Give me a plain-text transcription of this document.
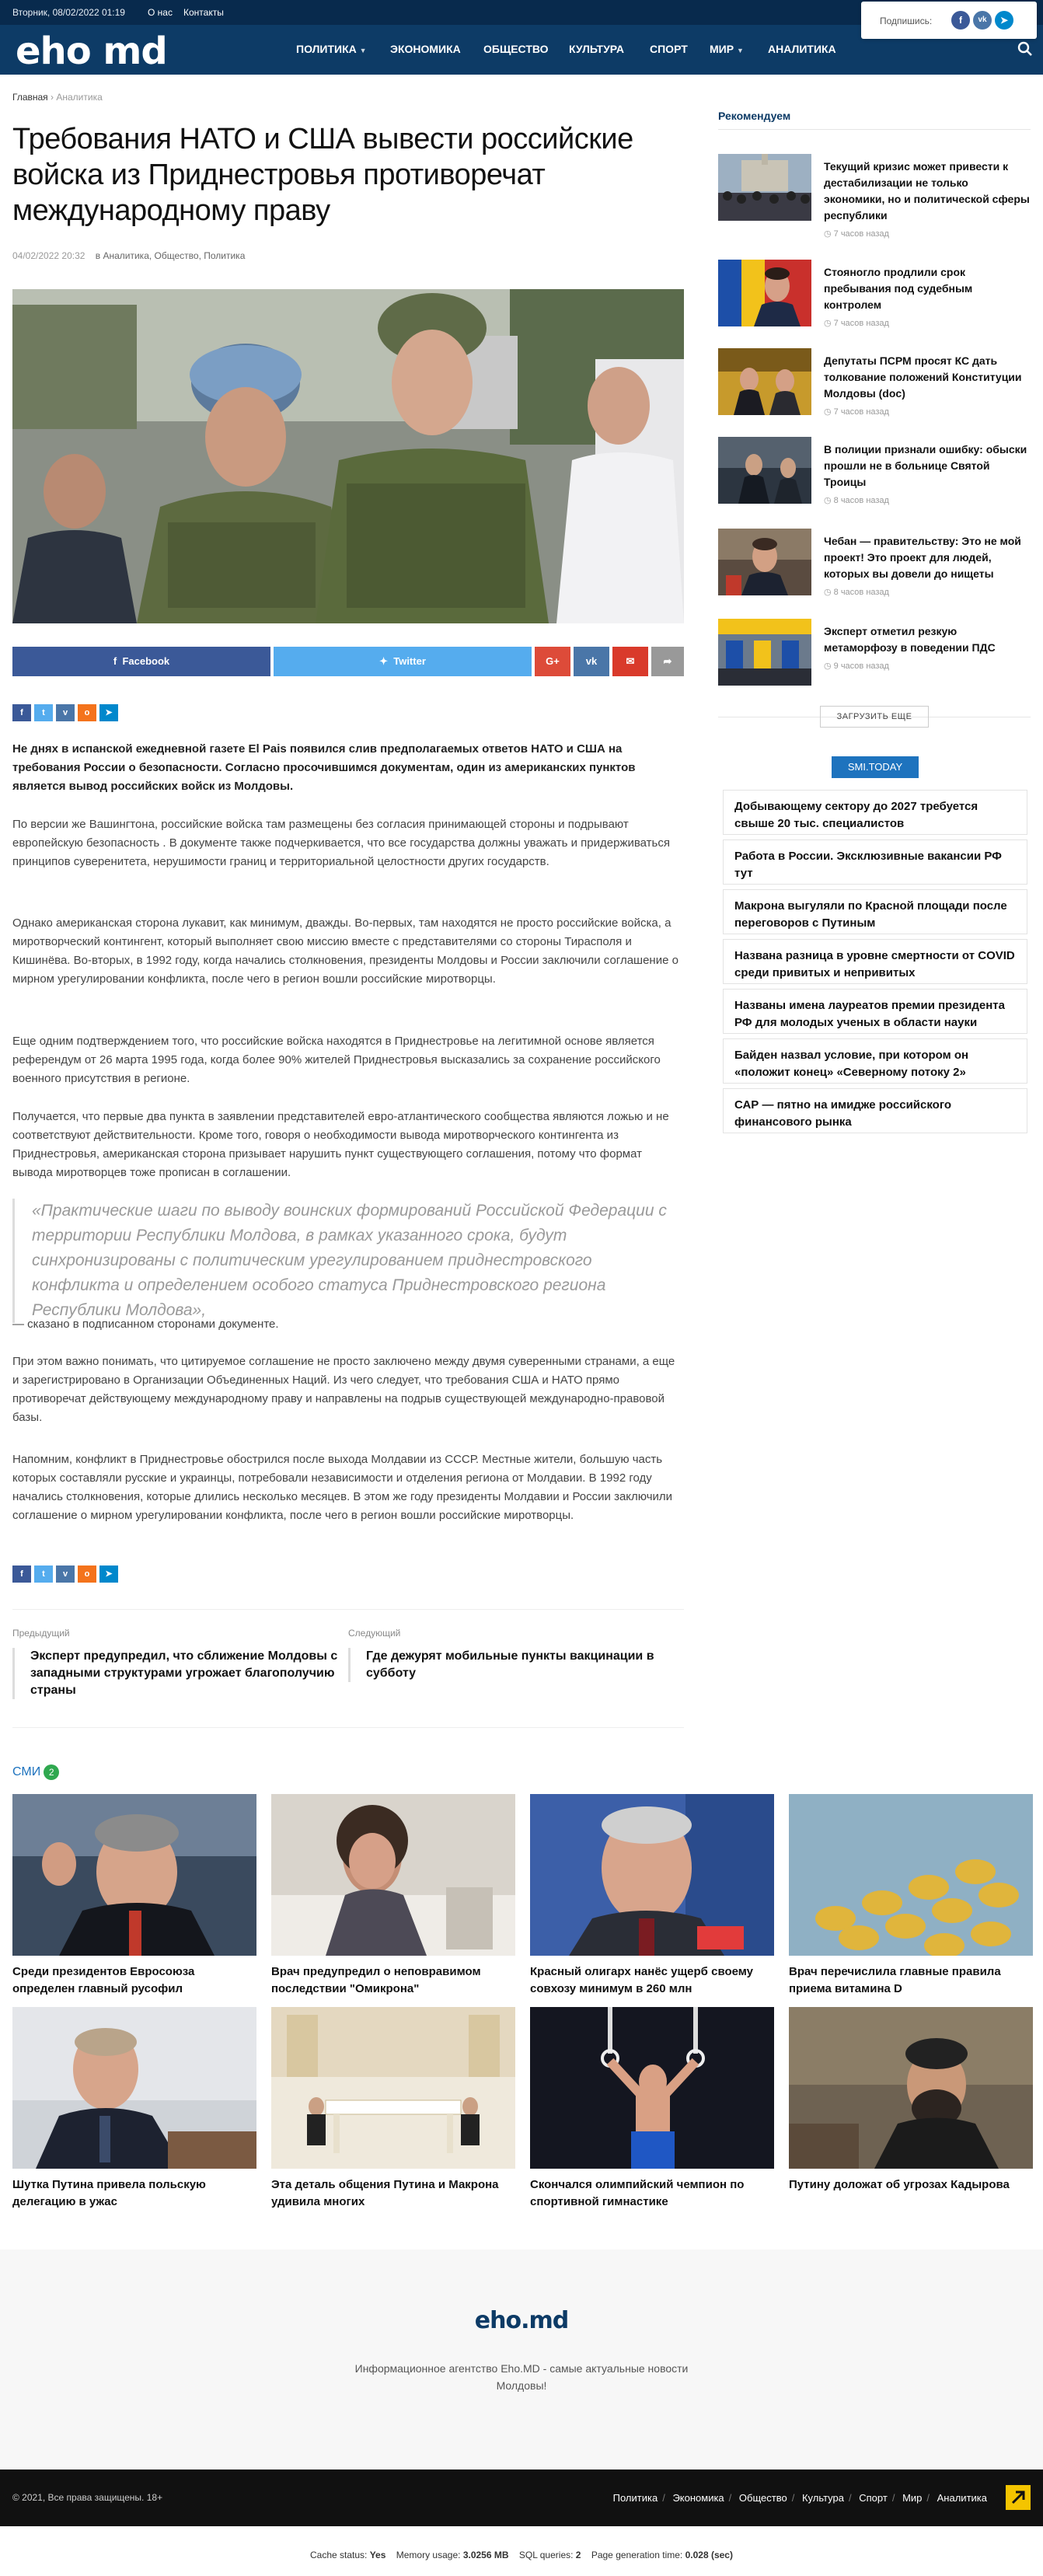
Вторник, 08/02/2022 01:19 О нас Контакты
Подпишись:	f	vk	➤
eho md	ПОЛИТИКА ▼ ЭКОНОМИКА ОБЩЕСТВО КУЛЬТУРА СПОРТ МИР ▼ АНАЛИТИКА
Главная › Аналитика
Требования НАТО и США вывести российские войска из Приднестровья противоречат международному праву
04/02/2022 20:32 в Аналитика, Общество, Политика
f Facebook	✦ Twitter	G+	vk	✉	➦
f	t	v	o	➤

Не днях в испанской ежедневной газете El Pais появился слив предполагаемых ответов НАТО и США на требования России о безопасности. Согласно просочившимся документам, один из американских пунктов является вывод российских войск из Молдовы.

По версии же Вашингтона, российские войска там размещены без согласия принимающей стороны и подрывают европейскую безопасность . В документе также подчеркивается, что все государства должны уважать и придерживаться принципов суверенитета, нерушимости границ и территориальной целостности других государств.

Однако американская сторона лукавит, как минимум, дважды. Во-первых, там находятся не просто российские войска, а миротворческий контингент, который выполняет свою миссию вместе с представителями со стороны Тирасполя и Кишинёва. Во-вторых, в 1992 году, когда начались столкновения, президенты Молдовы и России заключили соглашение о мирном урегулировании конфликта, после чего в регион вошли российские миротворцы.

Еще одним подтверждением того, что российские войска находятся в Приднестровье на легитимной основе является референдум от 26 марта 1995 года, когда более 90% жителей Приднестровья высказались за сохранение российского военного присутствия в регионе.

Получается, что первые два пункта в заявлении представителей евро-атлантического сообщества являются ложью и не соответствуют действительности. Кроме того, говоря о необходимости вывода миротворческого контингента из Приднестровья, американская сторона призывает нарушить пункт существующего соглашения, потому что формат вывода миротворцев тоже прописан в соглашении.

«Практические шаги по выводу воинских формирований Российской Федерации с территории Республики Молдова, в рамках указанного срока, будут синхронизированы с политическим урегулированием приднестровского конфликта и определением особого статуса Приднестровского региона Республики Молдова»,

— сказано в подписанном сторонами документе.

При этом важно понимать, что цитируемое соглашение не просто заключено между двумя суверенными странами, а еще и зарегистрировано в Организации Объединенных Наций. Из чего следует, что требования США и НАТО прямо противоречат действующему международному праву и направлены на подрыв существующей международно-правовой базы.

Напомним, конфликт в Приднестровье обострился после выхода Молдавии из СССР. Местные жители, большую часть которых составляли русские и украинцы, потребовали независимости и отделения региона от Молдавии. В 1992 году начались столкновения, которые длились несколько месяцев. В этом же году президенты Молдавии и России заключили соглашение о мирном урегулировании конфликта, после чего в регион вошли российские миротворцы.

f	t	v	o	➤
Предыдущий
Эксперт предупредил, что сближение Молдовы с западными структурами угрожает благополучию страны
Следующий
Где дежурят мобильные пункты вакцинации в субботу
СМИ 2
Среди президентов Евросоюза определен главный русофил
Врач предупредил о неповравимом последствии "Омикрона"
Красный олигарх нанёс ущерб своему совхозу минимум в 260 млн
Врач перечислила главные правила приема витамина D
Шутка Путина привела польскую делегацию в ужас
Эта деталь общения Путина и Макрона удивила многих
Скончался олимпийский чемпион по спортивной гимнастике
Путину доложат об угрозах Кадырова
Рекомендуем
Текущий кризис может привести к дестабилизации не только экономики, но и политической сферы республики
◷ 7 часов назад
Стояногло продлили срок пребывания под судебным контролем
◷ 7 часов назад
Депутаты ПСРМ просят КС дать толкование положений Конституции Молдовы (doc)
◷ 7 часов назад
В полиции признали ошибку: обыски прошли не в больнице Святой Троицы
◷ 8 часов назад
Чебан — правительству: Это не мой проект! Это проект для людей, которых вы довели до нищеты
◷ 8 часов назад
Эксперт отметил резкую метаморфозу в поведении ПДС
◷ 9 часов назад
ЗАГРУЗИТЬ ЕЩЕ
SMI.TODAY
Добывающему сектору до 2027 требуется свыше 20 тыс. специалистов
Работа в России. Эксклюзивные вакансии РФ тут
Макрона выгуляли по Красной площади после переговоров с Путиным
Названа разница в уровне смертности от COVID среди привитых и непривитых
Названы имена лауреатов премии президента РФ для молодых ученых в области науки
Байден назвал условие, при котором он «положит конец» «Северному потоку 2»
САР — пятно на имидже российского финансового рынка
eho.md

Информационное агентство Eho.MD - самые актуальные новости Молдовы!

© 2021, Все права защищены. 18+	Политика / Экономика / Общество / Культура / Спорт / Мир / Аналитика
Cache status: Yes Memory usage: 3.0256 MB SQL queries: 2 Page generation time: 0.028 (sec)
